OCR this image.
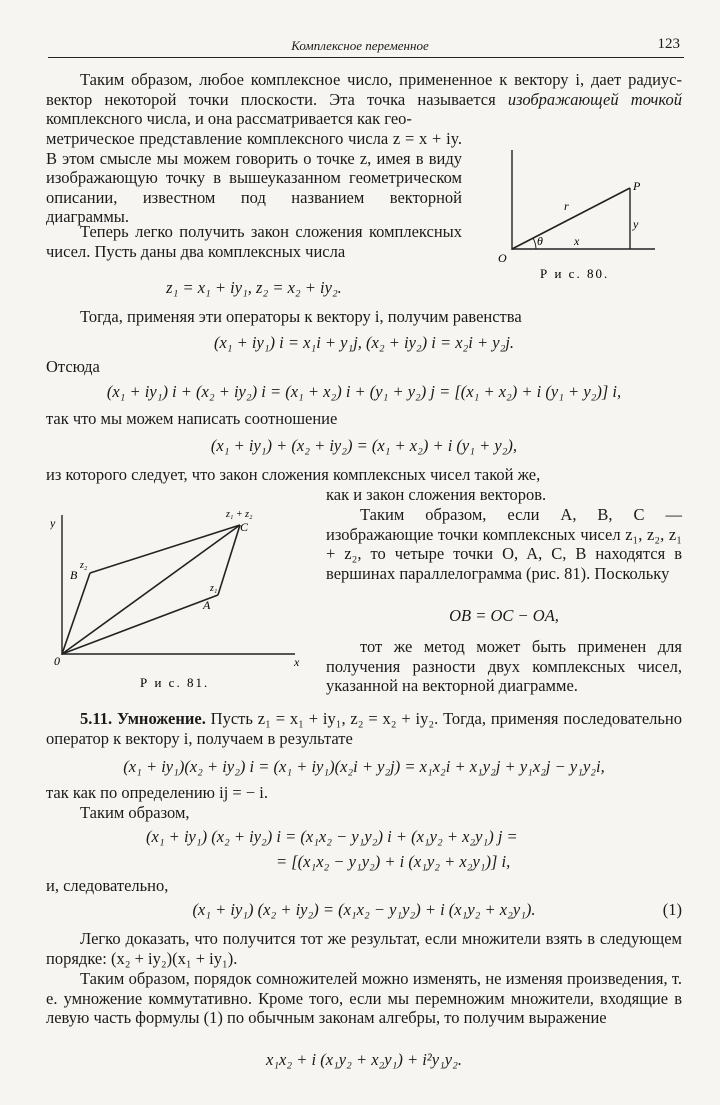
Комплексное переменное	123
Таким образом, любое комплексное число, примененное к вектору i, дает радиус-вектор некоторой точки плоскости. Эта точка называется изображающей точкой комплексного числа, и она рассматривается как гео-
метрическое представление комплексного числа z = x + iy. В этом смысле мы можем говорить о точке z, имея в виду изображающую точку в вышеуказанном геометрическом описании, известном под названием векторной диаграммы.
Теперь легко получить закон сложения комплексных чисел. Пусть даны два комплексных числа
P
O
r
y
x
θ
Р и с. 80.
z₁ = x₁ + iy₁, z₂ = x₂ + iy₂.
Тогда, применяя эти операторы к вектору i, получим равенства
(x₁ + iy₁) i = x₁i + y₁j, (x₂ + iy₂) i = x₂i + y₂j.
Отсюда
(x₁ + iy₁) i + (x₂ + iy₂) i = (x₁ + x₂) i + (y₁ + y₂) j = [(x₁ + x₂) + i (y₁ + y₂)] i,
так что мы можем написать соотношение
(x₁ + iy₁) + (x₂ + iy₂) = (x₁ + x₂) + i (y₁ + y₂),
из которого следует, что закон сложения комплексных чисел такой же,
как и закон сложения векторов.
y
x
0
B
z₂
A
z₁
C
z₁ + z₂
Р и с. 81.
Таким образом, если A, B, C — изображающие точки комплексных чисел z₁, z₂, z₁ + z₂, то четыре точки O, A, C, B находятся в вершинах параллелограмма (рис. 81). Поскольку
OB = OC − OA,
тот же метод может быть применен для получения разности двух комплексных чисел, указанной на векторной диаграмме.
5.11. Умножение. Пусть z₁ = x₁ + iy₁, z₂ = x₂ + iy₂. Тогда, применяя последовательно оператор к вектору i, получаем в результате
(x₁ + iy₁)(x₂ + iy₂) i = (x₁ + iy₁)(x₂i + y₂j) = x₁x₂i + x₁y₂j + y₁x₂j − y₁y₂i,
так как по определению ij = − i.
Таким образом,
(x₁ + iy₁) (x₂ + iy₂) i = (x₁x₂ − y₁y₂) i + (x₁y₂ + x₂y₁) j =
= [(x₁x₂ − y₁y₂) + i (x₁y₂ + x₂y₁)] i,
и, следовательно,
(x₁ + iy₁) (x₂ + iy₂) = (x₁x₂ − y₁y₂) + i (x₁y₂ + x₂y₁).	(1)
Легко доказать, что получится тот же результат, если множители взять в следующем порядке: (x₂ + iy₂)(x₁ + iy₁).
Таким образом, порядок сомножителей можно изменять, не изменяя произведения, т. е. умножение коммутативно. Кроме того, если мы перемножим множители, входящие в левую часть формулы (1) по обычным законам алгебры, то получим выражение
x₁x₂ + i (x₁y₂ + x₂y₁) + i²y₁y₂.
